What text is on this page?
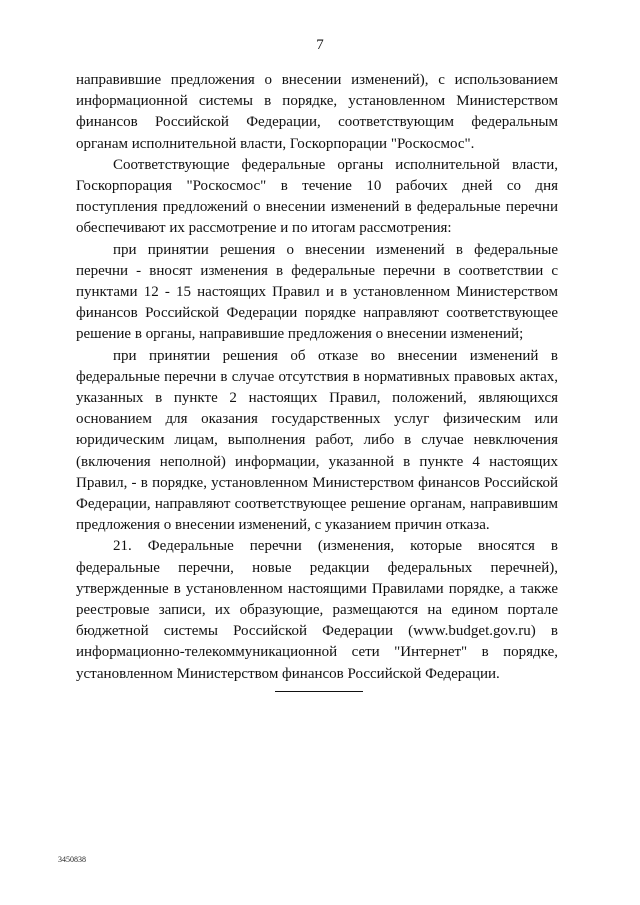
7

направившие предложения о внесении изменений), с использованием информационной системы в порядке, установленном Министерством финансов Российской Федерации, соответствующим федеральным органам исполнительной власти, Госкорпорации "Роскосмос".

Соответствующие федеральные органы исполнительной власти, Госкорпорация "Роскосмос" в течение 10 рабочих дней со дня поступления предложений о внесении изменений в федеральные перечни обеспечивают их рассмотрение и по итогам рассмотрения:

при принятии решения о внесении изменений в федеральные перечни - вносят изменения в федеральные перечни в соответствии с пунктами 12 - 15 настоящих Правил и в установленном Министерством финансов Российской Федерации порядке направляют соответствующее решение в органы, направившие предложения о внесении изменений;

при принятии решения об отказе во внесении изменений в федеральные перечни в случае отсутствия в нормативных правовых актах, указанных в пункте 2 настоящих Правил, положений, являющихся основанием для оказания государственных услуг физическим или юридическим лицам, выполнения работ, либо в случае невключения (включения неполной) информации, указанной в пункте 4 настоящих Правил, - в порядке, установленном Министерством финансов Российской Федерации, направляют соответствующее решение органам, направившим предложения о внесении изменений, с указанием причин отказа.

21. Федеральные перечни (изменения, которые вносятся в федеральные перечни, новые редакции федеральных перечней), утвержденные в установленном настоящими Правилами порядке, а также реестровые записи, их образующие, размещаются на едином портале бюджетной системы Российской Федерации (www.budget.gov.ru) в информационно-телекоммуникационной сети "Интернет" в порядке, установленном Министерством финансов Российской Федерации.

3450838
